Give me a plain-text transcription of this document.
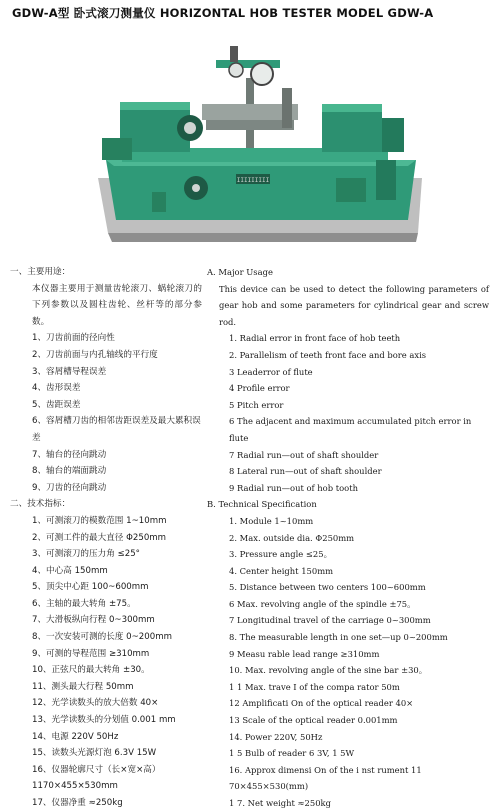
GDW-A型 卧式滚刀测量仪 HORIZONTAL HOB TESTER MODEL GDW-A
IIIIIIIII
一、主要用途：
本仪器主要用于测量齿轮滚刀、蜗轮滚刀的下列参数以及圆柱齿轮、丝杆等的部分参数。
1、刀齿前面的径向性
2、刀齿前面与内孔轴线的平行度
3、容屑槽导程误差
4、齿形误差
5、齿距误差
6、容屑槽刀齿的相邻齿距误差及最大累积误差
7、轴台的径向跳动
8、轴台的端面跳动
9、刀齿的径向跳动
二、技术指标：
1、可测滚刀的模数范围 1~10mm
2、可测工件的最大直径 Φ250mm
3、可测滚刀的压力角 ≤25°
4、中心高 150mm
5、顶尖中心距 100~600mm
6、主轴的最大转角 ±75。
7、大滑板纵向行程 0~300mm
8、一次安装可测的长度 0~200mm
9、可测的导程范围 ≥310mm
10、正弦尺的最大转角 ±30。
11、测头最大行程 50mm
12、光学读数头的放大倍数 40×
13、光学读数头的分划值 0.001 mm
14、电源 220V 50Hz
15、读数头光源灯泡 6.3V 15W
16、仪器轮廓尺寸（长×宽×高）1170×455×530mm
17、仪器净重 ≈250kg
A. Major Usage
This device can be used to detect the following parameters of gear hob and some parameters for cylindrical gear and screw rod.
1. Radial error in front face of hob teeth
2. Parallelism of teeth front face and bore axis
3 Leaderror of flute
4 Profile error
5 Pitch error
6 The adjacent and maximum accumulated pitch error in flute
7 Radial run—out of shaft shoulder
8 Lateral run—out of shaft shoulder
9 Radial run—out of hob tooth
B. Technical Specification
1. Module 1~10mm
2. Max. outside dia. Φ250mm
3. Pressure angle ≤25。
4. Center height 150mm
5. Distance between two centers 100~600mm
6 Max. revolving angle of the spindle ±75。
7 Longitudinal travel of the carriage 0~300mm
8. The measurable length in one set—up 0~200mm
9 Measu rable lead range ≥310mm
10. Max. revolving angle of the sine bar ±30。
1 1 Max. trave I of the compa rator 50m
12 Amplificati On of the optical reader 40×
13 Scale of the optical reader 0.001mm
14. Power 220V, 50Hz
1 5 Bulb of reader 6 3V, 1 5W
16. Approx dimensi On of the i nst rument 11 70×455×530(mm)
1 7. Net weight ≈250kg
